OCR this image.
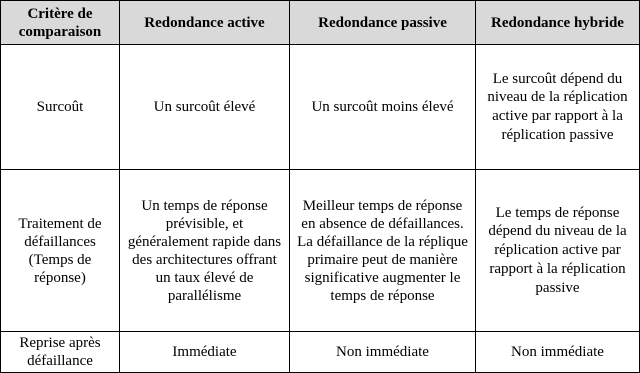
Critère de comparaison	Redondance active	Redondance passive	Redondance hybride
Surcoût	Un surcoût élevé	Un surcoût moins élevé	Le surcoût dépend du niveau de la réplication active par rapport à la réplication passive
Traitement de défaillances (Temps de réponse)	Un temps de réponse prévisible, et généralement rapide dans des architectures offrant un taux élevé de parallélisme	Meilleur temps de réponse en absence de défaillances. La défaillance de la réplique primaire peut de manière significative augmenter le temps de réponse	Le temps de réponse dépend du niveau de la réplication active par rapport à la réplication passive
Reprise après défaillance	Immédiate	Non immédiate	Non immédiate
